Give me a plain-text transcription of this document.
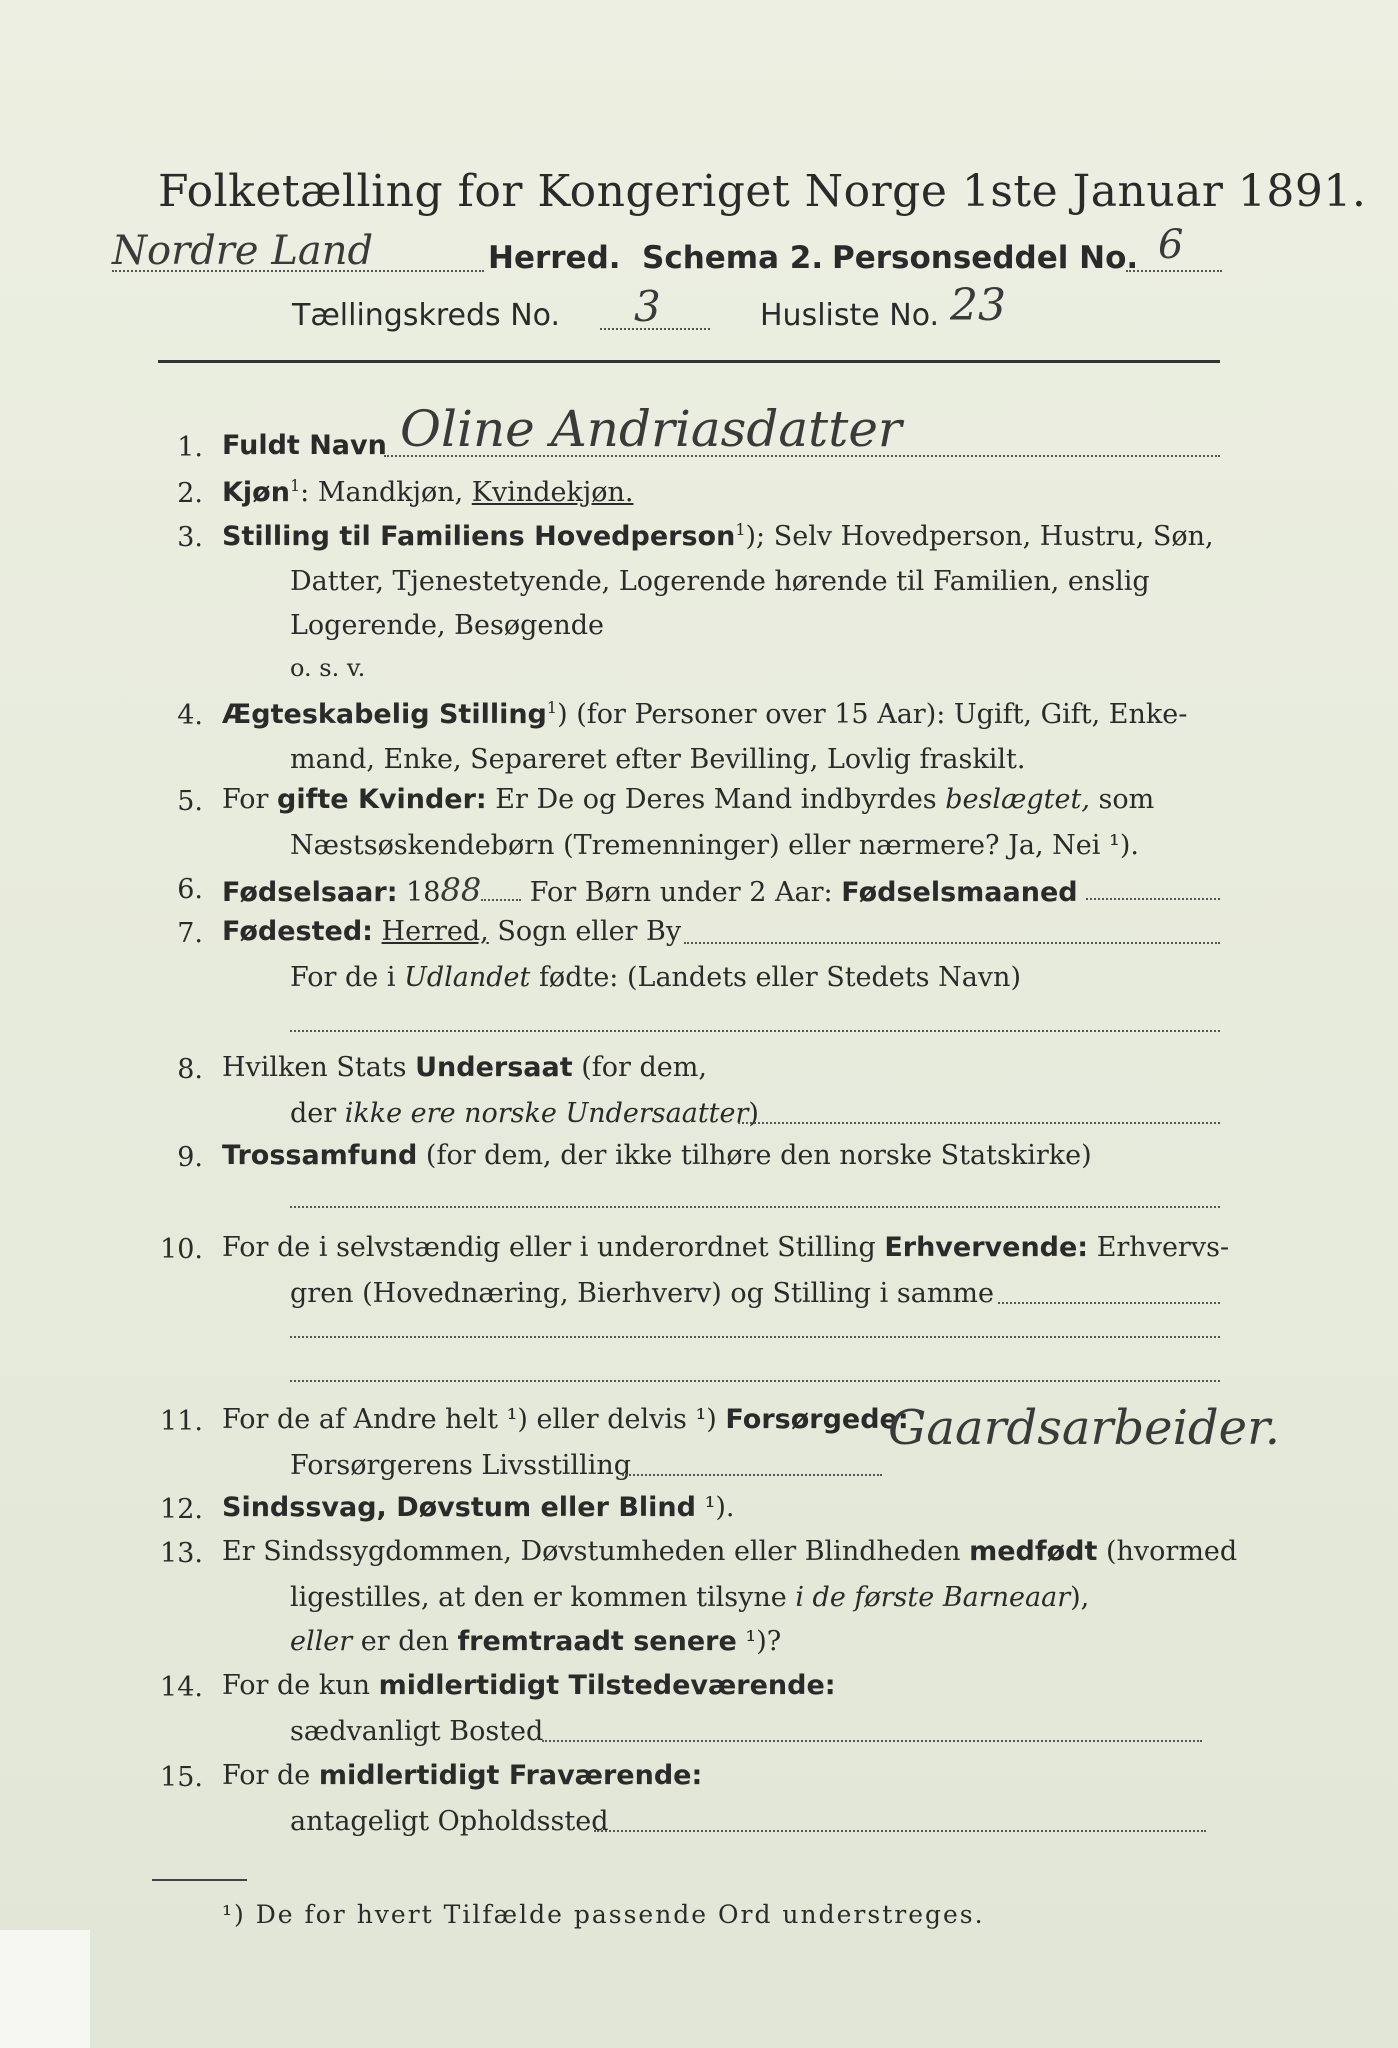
Folketælling for Kongeriget Norge 1ste Januar 1891.
Nordre Land	Herred. Schema 2. Personseddel No. 6
Tællingskreds No. 3	Husliste No. 23
1. Fuldt Navn Oline Andriasdatter
2. Kjøn$^1$: Mandkjøn, Kvindekjøn.
3. Stilling til Familiens Hovedperson$^1$); Selv Hovedperson, Hustru, Søn,
Datter, Tjenestetyende, Logerende hørende til Familien, enslig
Logerende, Besøgende
o. s. v.
4. Ægteskabelig Stilling$^1$) (for Personer over 15 Aar): Ugift, Gift, Enke-
mand, Enke, Separeret efter Bevilling, Lovlig fraskilt.
5. For gifte Kvinder: Er De og Deres Mand indbyrdes beslægtet, som
Næstsøskendebørn (Tremenninger) eller nærmere? Ja, Nei ¹).
6. Fødselsaar: 1888 For Børn under 2 Aar: Fødselsmaaned
7. Fødested: Herred, Sogn eller By
For de i Udlandet fødte: (Landets eller Stedets Navn)
8. Hvilken Stats Undersaat (for dem,
der ikke ere norske Undersaatter)
9. Trossamfund (for dem, der ikke tilhøre den norske Statskirke)
10. For de i selvstændig eller i underordnet Stilling Erhvervende: Erhvervs-
gren (Hovednæring, Bierhverv) og Stilling i samme
11. For de af Andre helt ¹) eller delvis ¹) Forsørgede:
Forsørgerens Livsstilling
Gaardsarbeider.
12. Sindssvag, Døvstum eller Blind ¹).
13. Er Sindssygdommen, Døvstumheden eller Blindheden medfødt (hvormed
ligestilles, at den er kommen tilsyne i de første Barneaar),
eller er den fremtraadt senere ¹)?
14. For de kun midlertidigt Tilstedeværende:
sædvanligt Bosted
15. For de midlertidigt Fraværende:
antageligt Opholdssted
¹) De for hvert Tilfælde passende Ord understreges.
